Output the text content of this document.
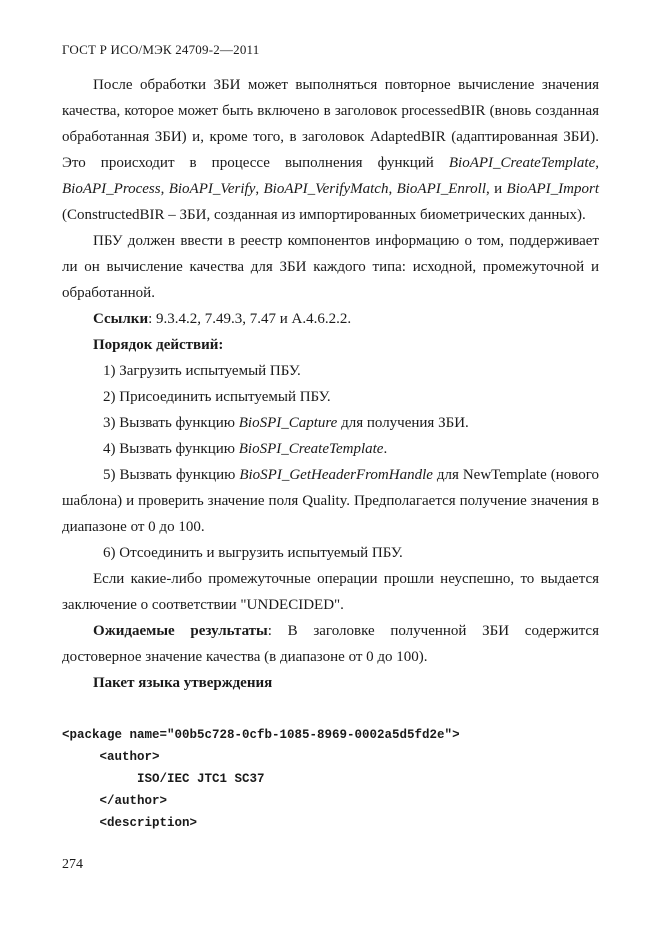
ГОСТ Р ИСО/МЭК 24709-2—2011

После обработки ЗБИ может выполняться повторное вычисление значения качества, которое может быть включено в заголовок processedBIR (вновь созданная обработанная ЗБИ) и, кроме того, в заголовок AdaptedBIR (адаптированная ЗБИ). Это происходит в процессе выполнения функций BioAPI_CreateTemplate, BioAPI_Process, BioAPI_Verify, BioAPI_VerifyMatch, BioAPI_Enroll, и BioAPI_Import (ConstructedBIR – ЗБИ, созданная из импортированных биометрических данных).

ПБУ должен ввести в реестр компонентов информацию о том, поддерживает ли он вычисление качества для ЗБИ каждого типа: исходной, промежуточной и обработанной.

Ссылки: 9.3.4.2, 7.49.3, 7.47 и A.4.6.2.2.

Порядок действий:

1) Загрузить испытуемый ПБУ.

2) Присоединить испытуемый ПБУ.

3) Вызвать функцию BioSPI_Capture для получения ЗБИ.

4) Вызвать функцию BioSPI_CreateTemplate.

5) Вызвать функцию BioSPI_GetHeaderFromHandle для NewTemplate (нового шаблона) и проверить значение поля Quality. Предполагается получение значения в диапазоне от 0 до 100.

6) Отсоединить и выгрузить испытуемый ПБУ.

Если какие-либо промежуточные операции прошли неуспешно, то выдается заключение о соответствии "UNDECIDED".

Ожидаемые результаты: В заголовке полученной ЗБИ содержится достоверное значение качества (в диапазоне от 0 до 100).

Пакет языка утверждения

<package name="00b5c728-0cfb-1085-8969-0002a5d5fd2e">
<author>
ISO/IEC JTC1 SC37
</author>
<description>
274
